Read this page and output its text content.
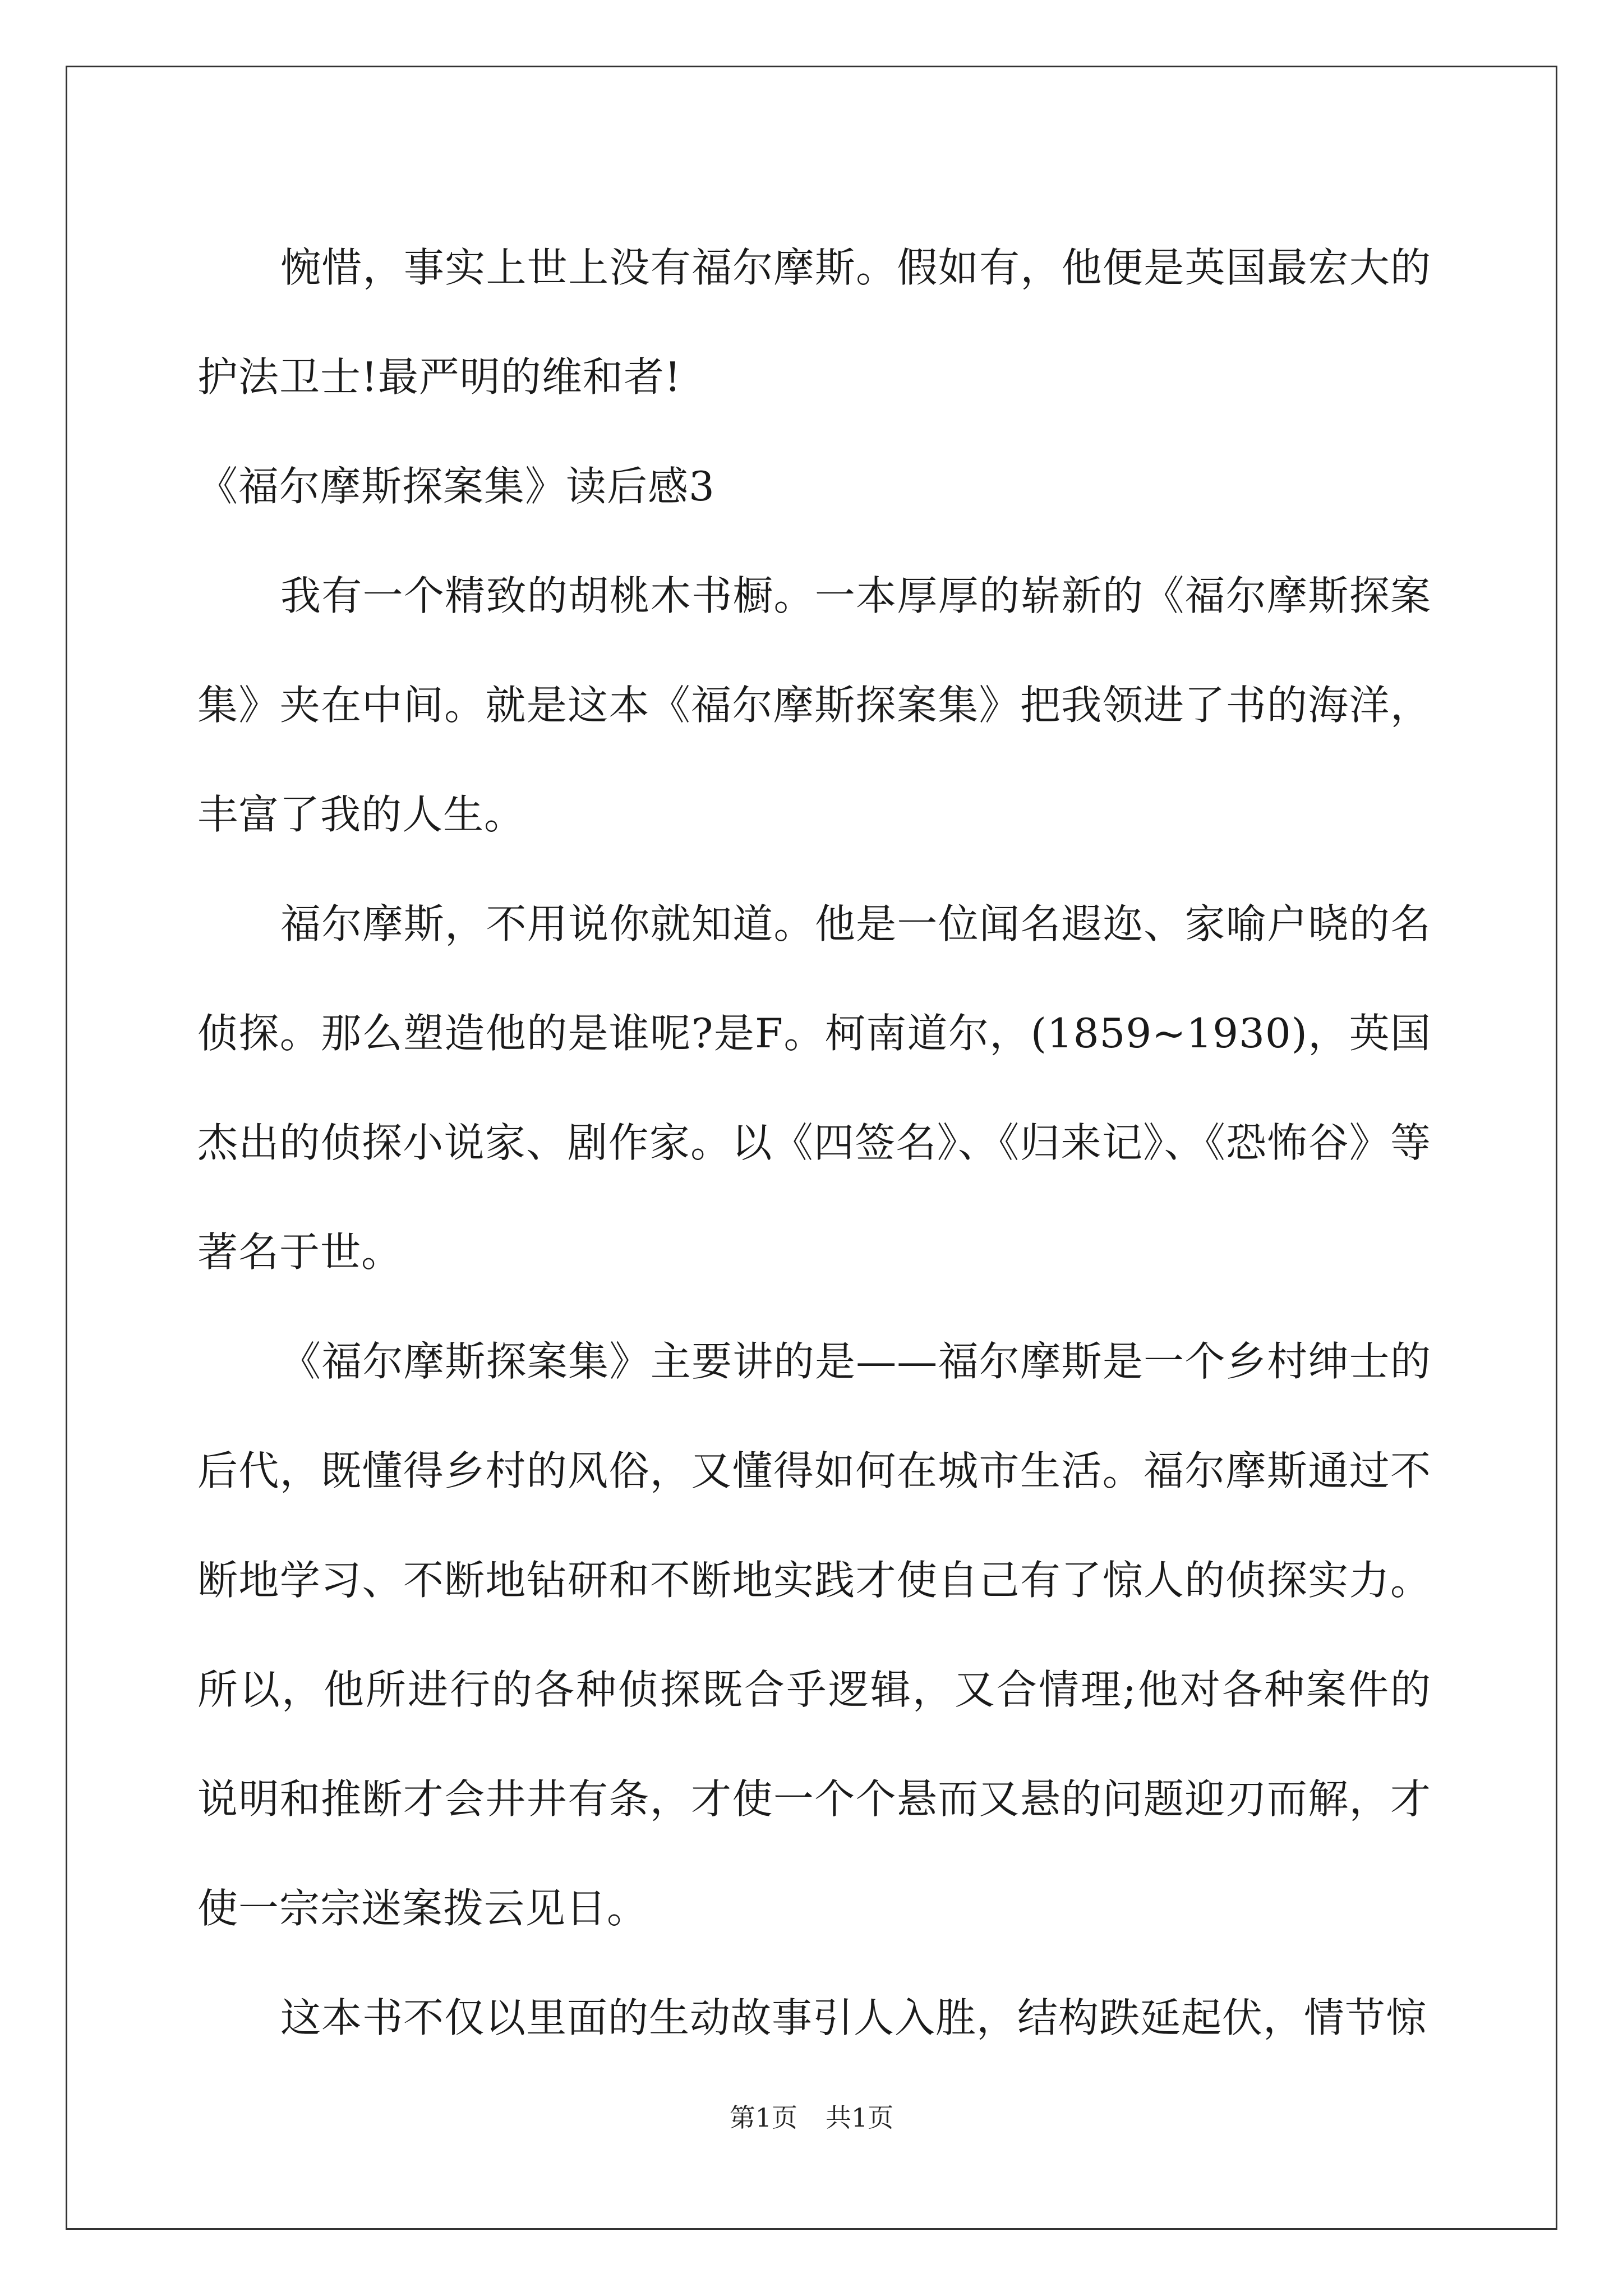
惋惜，事实上世上没有福尔摩斯。假如有，他便是英国最宏大的护法卫士!最严明的维和者!

《福尔摩斯探案集》读后感3

我有一个精致的胡桃木书橱。一本厚厚的崭新的《福尔摩斯探案集》夹在中间。就是这本《福尔摩斯探案集》把我领进了书的海洋，丰富了我的人生。

福尔摩斯，不用说你就知道。他是一位闻名遐迩、家喻户晓的名侦探。那么塑造他的是谁呢?是F。柯南道尔，(1859~1930)，英国杰出的侦探小说家、剧作家。以《四签名》、《归来记》、《恐怖谷》等著名于世。

《福尔摩斯探案集》主要讲的是——福尔摩斯是一个乡村绅士的后代，既懂得乡村的风俗，又懂得如何在城市生活。福尔摩斯通过不断地学习、不断地钻研和不断地实践才使自己有了惊人的侦探实力。所以，他所进行的各种侦探既合乎逻辑，又合情理;他对各种案件的说明和推断才会井井有条，才使一个个悬而又悬的问题迎刃而解，才使一宗宗迷案拨云见日。

这本书不仅以里面的生动故事引人入胜，结构跌延起伏，情节惊

第1页 共1页
